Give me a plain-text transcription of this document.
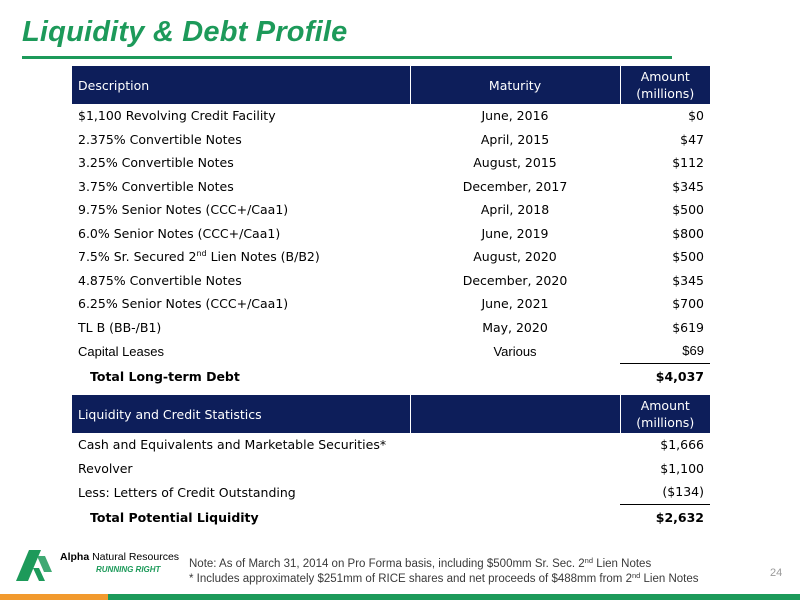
Liquidity & Debt Profile
Description	Maturity	Amount
(millions)
$1,100 Revolving Credit Facility	June, 2016	$0
2.375% Convertible Notes	April, 2015	$47
3.25% Convertible Notes	August, 2015	$112
3.75% Convertible Notes	December, 2017	$345
9.75% Senior Notes (CCC+/Caa1)	April, 2018	$500
6.0% Senior Notes (CCC+/Caa1)	June, 2019	$800
7.5% Sr. Secured 2nd Lien Notes (B/B2)	August, 2020	$500
4.875% Convertible Notes	December, 2020	$345
6.25% Senior Notes (CCC+/Caa1)	June, 2021	$700
TL B (BB-/B1)	May, 2020	$619
Capital Leases	Various	$69
Total Long-term Debt		$4,037
Liquidity and Credit Statistics		Amount
(millions)
Cash and Equivalents and Marketable Securities*		$1,666
Revolver		$1,100
Less: Letters of Credit Outstanding		($134)
Total Potential Liquidity		$2,632
Alpha Natural Resources
RUNNING RIGHT Note: As of March 31, 2014 on Pro Forma basis, including $500mm Sr. Sec. 2nd Lien Notes
* Includes approximately $251mm of RICE shares and net proceeds of $488mm from 2nd Lien Notes	24
